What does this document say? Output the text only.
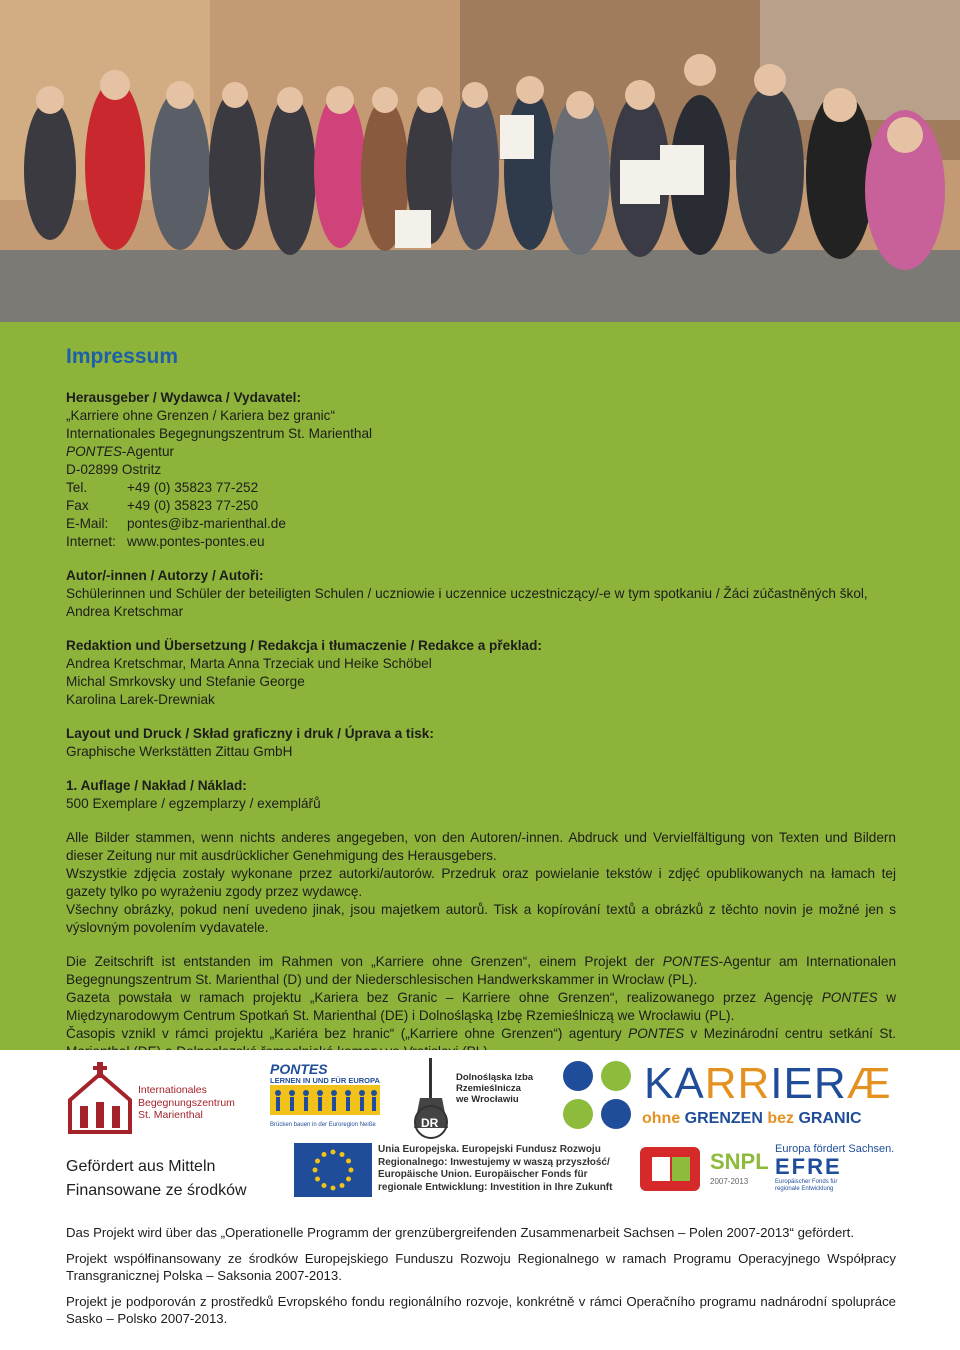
Impressum
Herausgeber / Wydawca / Vydavatel:
„Karriere ohne Grenzen / Kariera bez granic“
Internationales Begegnungszentrum St. Marienthal
PONTES-Agentur
D-02899 Ostritz
Tel.	+49 (0) 35823 77-252
Fax	+49 (0) 35823 77-250
E-Mail:	pontes@ibz-marienthal.de
Internet: www.pontes-pontes.eu
Autor/-innen / Autorzy / Autoři:
Schülerinnen und Schüler der beteiligten Schulen / uczniowie i uczennice uczestniczący/-e w tym spotkaniu / Žáci zúčastněných škol, Andrea Kretschmar
Redaktion und Übersetzung / Redakcja i tłumaczenie / Redakce a překlad:
Andrea Kretschmar, Marta Anna Trzeciak und Heike Schöbel
Michal Smrkovsky und Stefanie George
Karolina Larek-Drewniak
Layout und Druck / Skład graficzny i druk / Úprava a tisk:
Graphische Werkstätten Zittau GmbH
1. Auflage / Nakład / Náklad:
500 Exemplare / egzemplarzy / exemplářů
Alle Bilder stammen, wenn nichts anderes angegeben, von den Autoren/-innen. Abdruck und Vervielfältigung von Texten und Bildern dieser Zeitung nur mit ausdrücklicher Genehmigung des Herausgebers.
Wszystkie zdjęcia zostały wykonane przez autorki/autorów. Przedruk oraz powielanie tekstów i zdjęć opublikowanych na łamach tej gazety tylko po wyrażeniu zgody przez wydawcę.
Všechny obrázky, pokud není uvedeno jinak, jsou majetkem autorů. Tisk a kopírování textů a obrázků z těchto novin je možné jen s výslovným povolením vydavatele.
Die Zeitschrift ist entstanden im Rahmen von „Karriere ohne Grenzen“, einem Projekt der PONTES-Agentur am Internationalen Begegnungszentrum St. Marienthal (D) und der Niederschlesischen Handwerkskammer in Wrocław (PL).
Gazeta powstała w ramach projektu „Kariera bez Granic – Karriere ohne Grenzen“, realizowanego przez Agencję PONTES w Międzynarodowym Centrum Spotkań St. Marienthal (DE) i Dolnośląską Izbę Rzemieślniczą we Wrocławiu (PL).
Časopis vznikl v rámci projektu „Kariéra bez hranic“ („Karriere ohne Grenzen“) agentury PONTES v Mezinárodní centru setkání St.
Internationales
Begegnungszentrum
St. Marienthal
PONTES
LERNEN IN UND FÜR EUROPA
Brücken bauen in der Euroregion Neiße	DR
Dolnośląska Izba
Rzemieślnicza
we Wrocławiu	KARRIERÆ
ohne GRENZEN bez GRANIC
Gefördert aus Mitteln
Finansowane ze środków
Unia Europejska. Europejski Fundusz Rozwoju
Regionalnego: Inwestujemy w waszą przyszłość/
Europäische Union. Europäischer Fonds für
regionale Entwicklung: Investition in Ihre Zukunft
SNPL
2007-2013
Europa fördert Sachsen.
EFRE
Europäischer Fonds für
regionale Entwicklung

Das Projekt wird über das „Operationelle Programm der grenzübergreifenden Zusammenarbeit Sachsen – Polen 2007-2013“ gefördert.

Projekt współfinansowany ze środków Europejskiego Funduszu Rozwoju Regionalnego w ramach Programu Operacyjnego Współpracy Transgranicznej Polska – Saksonia 2007-2013.

Projekt je podporován z prostředků Evropského fondu regionálního rozvoje, konkrétně v rámci Operačního programu nadnárodní spolupráce Sasko – Polsko 2007-2013.
